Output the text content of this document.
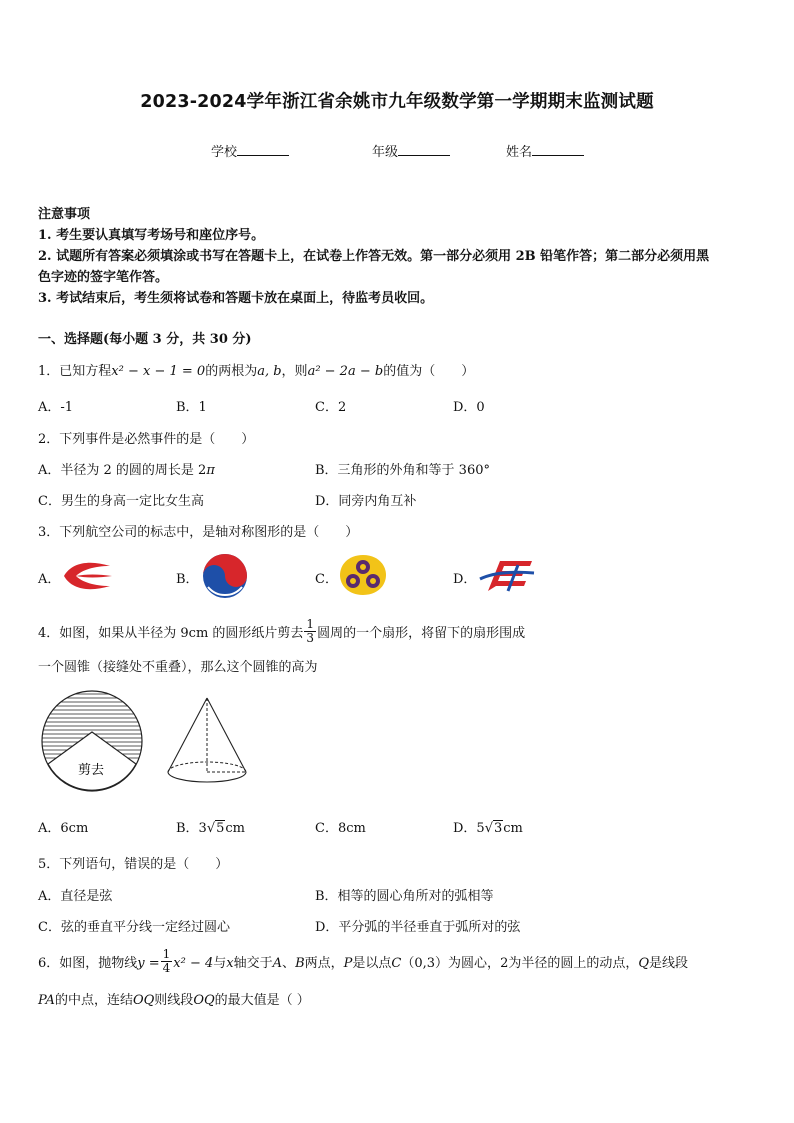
2023-2024学年浙江省余姚市九年级数学第一学期期末监测试题
学校	年级	姓名
注意事项
1. 考生要认真填写考场号和座位序号。
2. 试题所有答案必须填涂或书写在答题卡上，在试卷上作答无效。第一部分必须用 2B 铅笔作答；第二部分必须用黑
色字迹的签字笔作答。
3. 考试结束后，考生须将试卷和答题卡放在桌面上，待监考员收回。
一、选择题(每小题 3 分，共 30 分)
1．已知方程x² − x − 1 = 0的两根为a, b，则a² − 2a − b的值为（　　）
A．-1	B．1	C．2	D．0
2．下列事件是必然事件的是（　　）
A．半径为 2 的圆的周长是 2π	B．三角形的外角和等于 360°
C．男生的身高一定比女生高	D．同旁内角互补
3．下列航空公司的标志中，是轴对称图形的是（　　）
A．	B．	C．	D．
4．如图，如果从半径为 9cm 的圆形纸片剪去 $\frac{1}{3}$ 圆周的一个扇形，将留下的扇形围成
一个圆锥（接缝处不重叠），那么这个圆锥的高为
剪去
A．6cm	B．3√5cm	C．8cm	D．5√3cm
5．下列语句，错误的是（　　）
A．直径是弦	B．相等的圆心角所对的弧相等
C．弦的垂直平分线一定经过圆心	D．平分弧的半径垂直于弧所对的弦
6．如图，抛物线$y = \frac{1}{4} x^2 - 4$与x轴交于A、B两点，P是以点C（0,3）为圆心，2为半径的圆上的动点，Q是线段
PA的中点，连结OQ则线段OQ的最大值是（ ）
